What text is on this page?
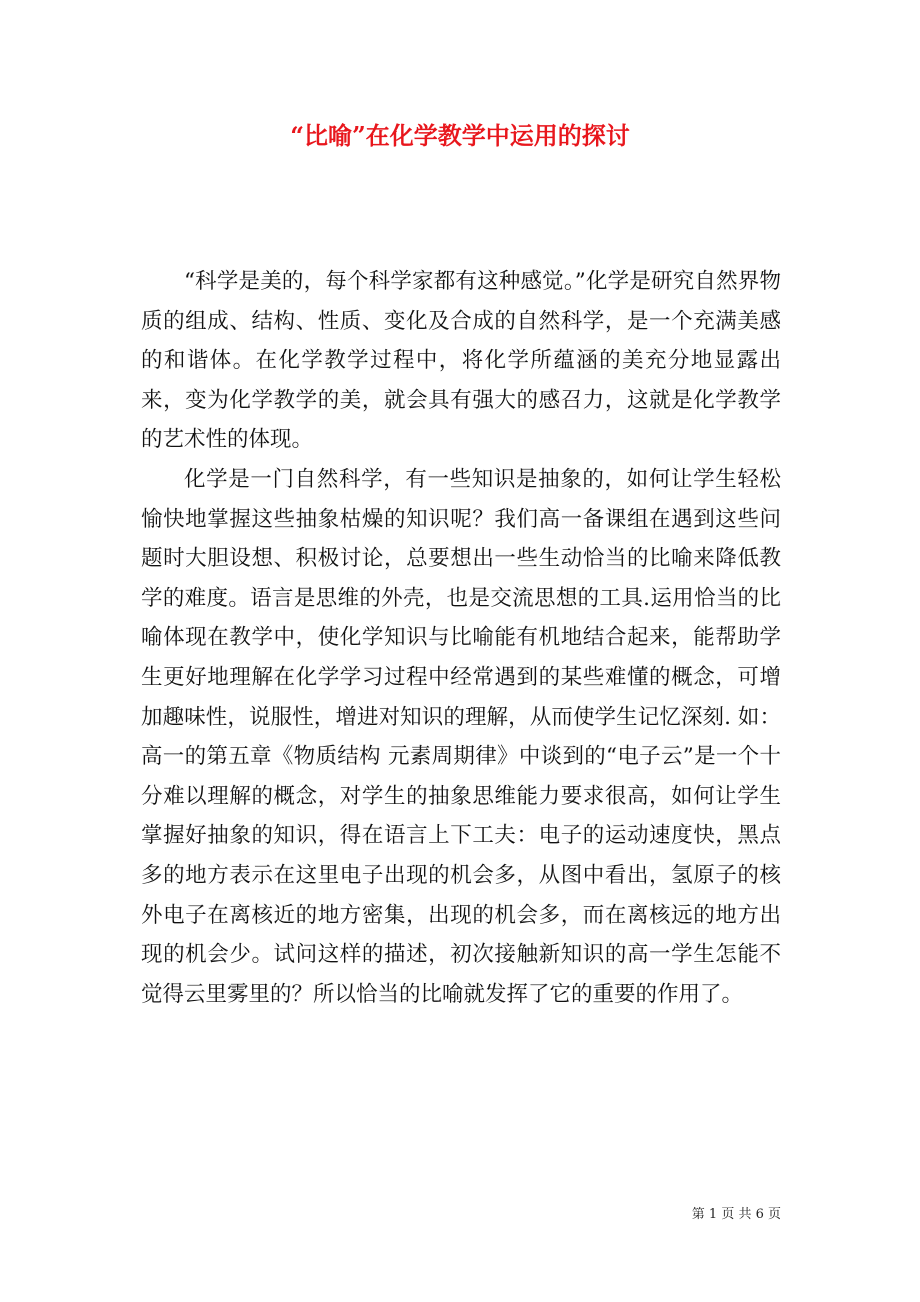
“比喻”在化学教学中运用的探讨

“科学是美的，每个科学家都有这种感觉。”化学是研究自然界物质的组成、结构、性质、变化及合成的自然科学，是一个充满美感的和谐体。在化学教学过程中，将化学所蕴涵的美充分地显露出来，变为化学教学的美，就会具有强大的感召力，这就是化学教学的艺术性的体现。

化学是一门自然科学，有一些知识是抽象的，如何让学生轻松愉快地掌握这些抽象枯燥的知识呢？我们高一备课组在遇到这些问题时大胆设想、积极讨论，总要想出一些生动恰当的比喻来降低教学的难度。语言是思维的外壳，也是交流思想的工具.运用恰当的比喻体现在教学中，使化学知识与比喻能有机地结合起来，能帮助学生更好地理解在化学学习过程中经常遇到的某些难懂的概念，可增加趣味性，说服性，增进对知识的理解，从而使学生记忆深刻. 如：高一的第五章《物质结构 元素周期律》中谈到的“电子云”是一个十分难以理解的概念，对学生的抽象思维能力要求很高，如何让学生掌握好抽象的知识，得在语言上下工夫：电子的运动速度快，黑点多的地方表示在这里电子出现的机会多，从图中看出，氢原子的核外电子在离核近的地方密集，出现的机会多，而在离核远的地方出现的机会少。试问这样的描述，初次接触新知识的高一学生怎能不觉得云里雾里的？所以恰当的比喻就发挥了它的重要的作用了。

第 1 页 共 6 页
